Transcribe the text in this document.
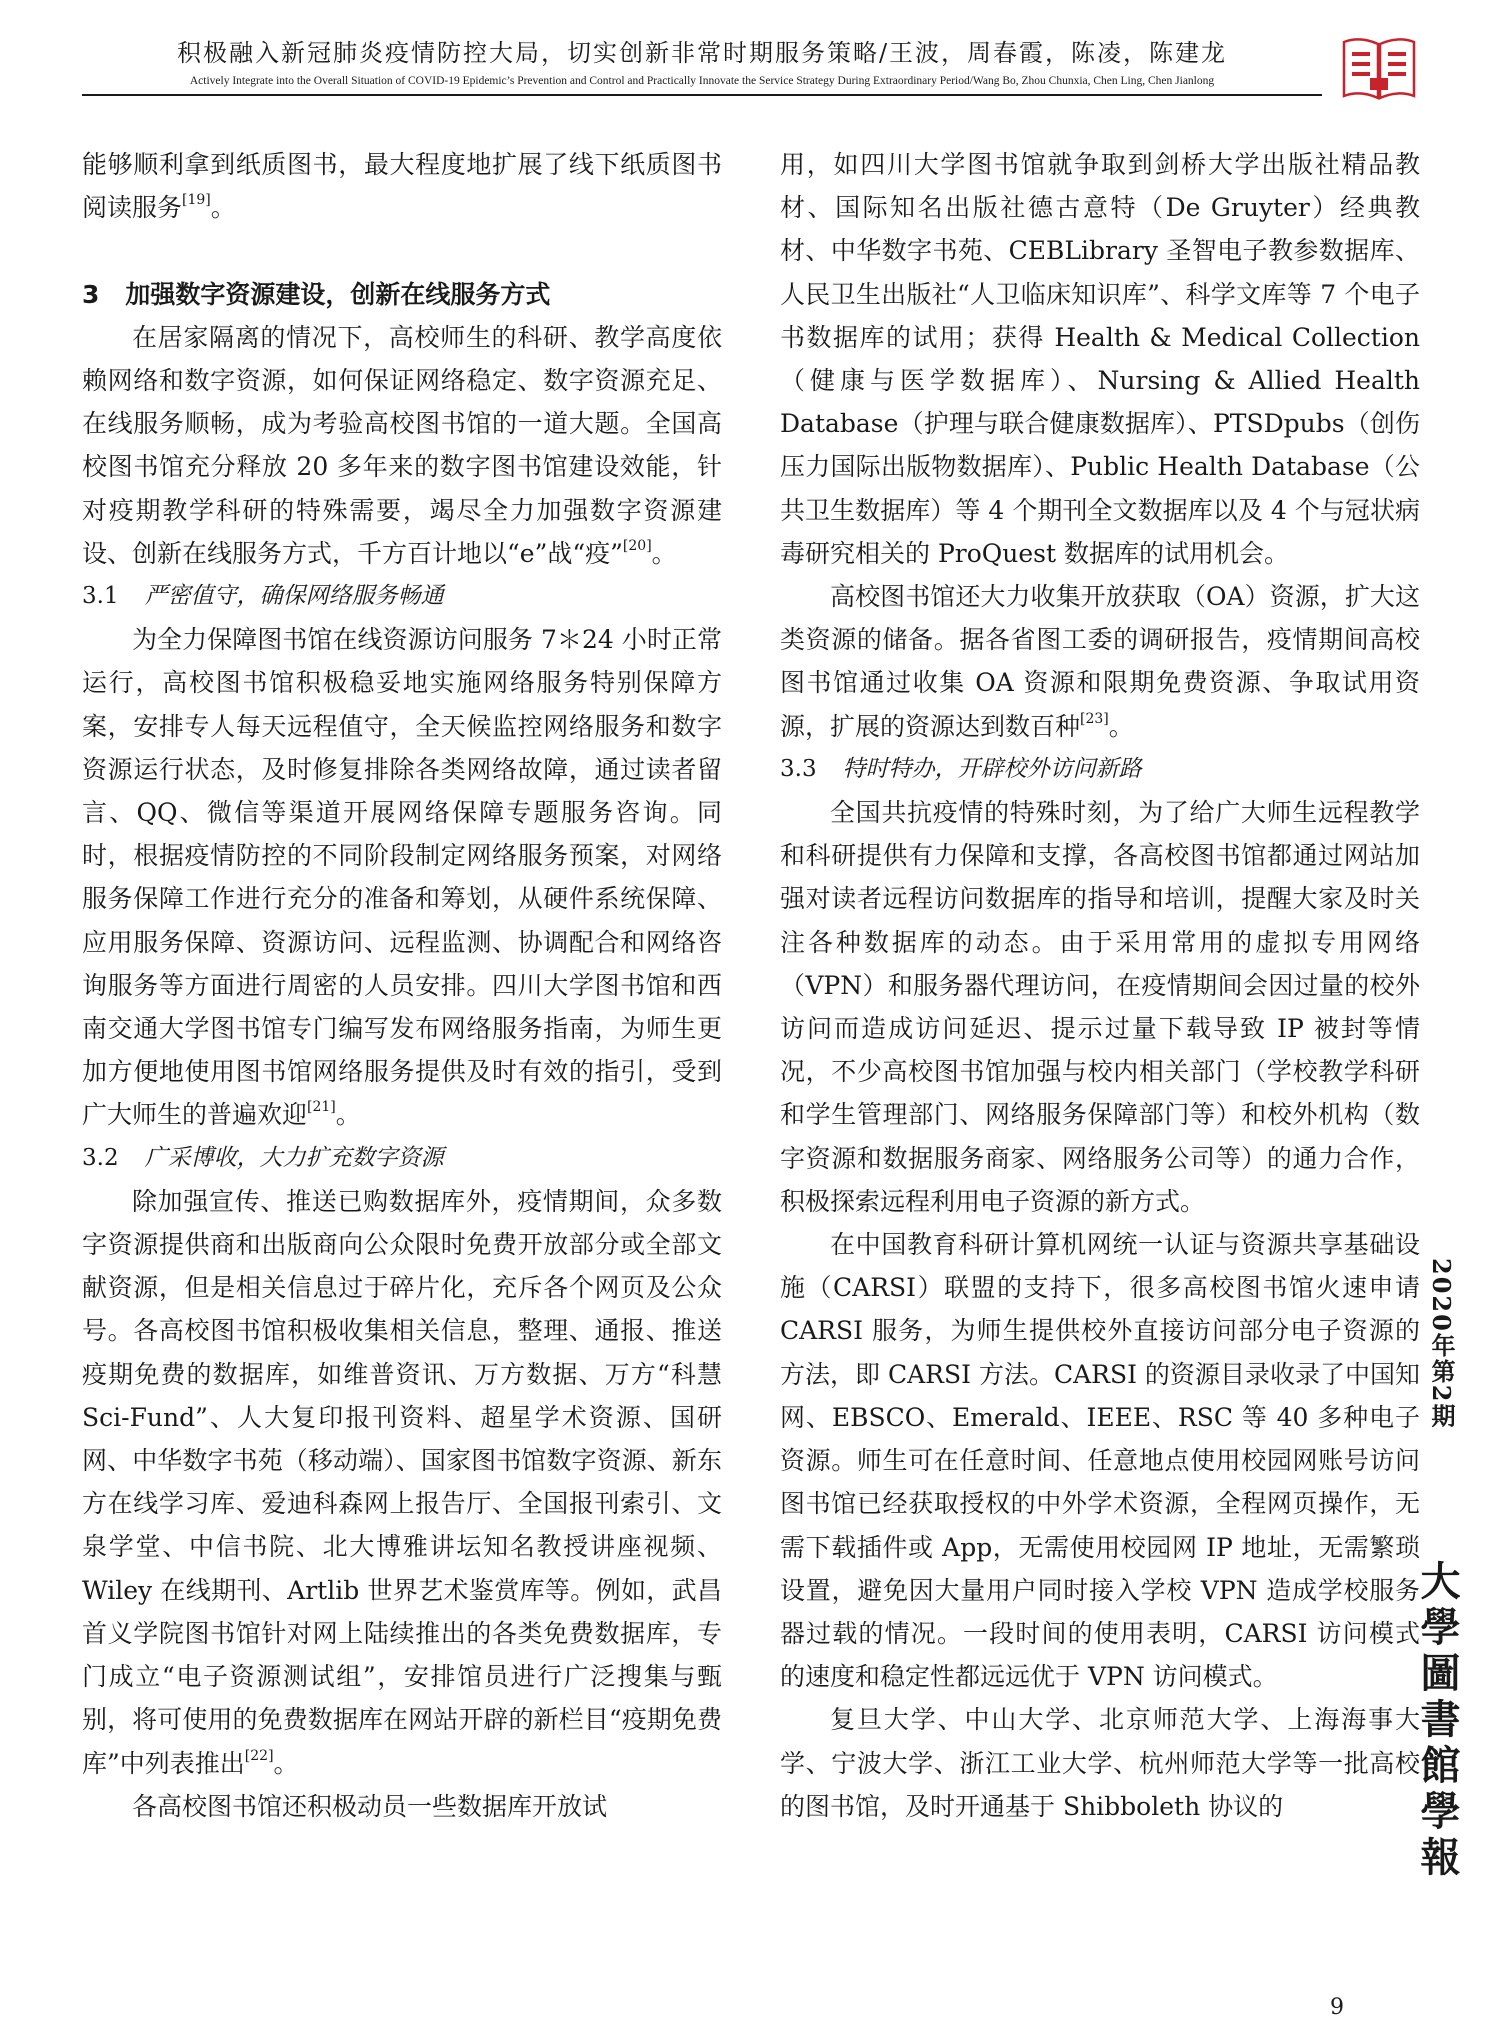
积极融入新冠肺炎疫情防控大局，切实创新非常时期服务策略/王波，周春霞，陈凌，陈建龙
Actively Integrate into the Overall Situation of COVID-19 Epidemic’s Prevention and Control and Practically Innovate the Service Strategy During Extraordinary Period/Wang Bo, Zhou Chunxia, Chen Ling, Chen Jianlong

能够顺利拿到纸质图书，最大程度地扩展了线下纸质图书阅读服务[19]。

3 加强数字资源建设，创新在线服务方式

在居家隔离的情况下，高校师生的科研、教学高度依赖网络和数字资源，如何保证网络稳定、数字资源充足、在线服务顺畅，成为考验高校图书馆的一道大题。全国高校图书馆充分释放 20 多年来的数字图书馆建设效能，针对疫期教学科研的特殊需要，竭尽全力加强数字资源建设、创新在线服务方式，千方百计地以“e”战“疫”[20]。

3.1 严密值守，确保网络服务畅通

为全力保障图书馆在线资源访问服务 7＊24 小时正常运行，高校图书馆积极稳妥地实施网络服务特别保障方案，安排专人每天远程值守，全天候监控网络服务和数字资源运行状态，及时修复排除各类网络故障，通过读者留言、QQ、微信等渠道开展网络保障专题服务咨询。同时，根据疫情防控的不同阶段制定网络服务预案，对网络服务保障工作进行充分的准备和筹划，从硬件系统保障、应用服务保障、资源访问、远程监测、协调配合和网络咨询服务等方面进行周密的人员安排。四川大学图书馆和西南交通大学图书馆专门编写发布网络服务指南，为师生更加方便地使用图书馆网络服务提供及时有效的指引，受到广大师生的普遍欢迎[21]。

3.2 广采博收，大力扩充数字资源

除加强宣传、推送已购数据库外，疫情期间，众多数字资源提供商和出版商向公众限时免费开放部分或全部文献资源，但是相关信息过于碎片化，充斥各个网页及公众号。各高校图书馆积极收集相关信息，整理、通报、推送疫期免费的数据库，如维普资讯、万方数据、万方“科慧 Sci-Fund”、人大复印报刊资料、超星学术资源、国研网、中华数字书苑（移动端）、国家图书馆数字资源、新东方在线学习库、爱迪科森网上报告厅、全国报刊索引、文泉学堂、中信书院、北大博雅讲坛知名教授讲座视频、Wiley 在线期刊、Artlib 世界艺术鉴赏库等。例如，武昌首义学院图书馆针对网上陆续推出的各类免费数据库，专门成立“电子资源测试组”，安排馆员进行广泛搜集与甄别，将可使用的免费数据库在网站开辟的新栏目“疫期免费库”中列表推出[22]。

各高校图书馆还积极动员一些数据库开放试

用，如四川大学图书馆就争取到剑桥大学出版社精品教材、国际知名出版社德古意特（De Gruyter）经典教材、中华数字书苑、CEBLibrary 圣智电子教参数据库、人民卫生出版社“人卫临床知识库”、科学文库等 7 个电子书数据库的试用；获得 Health & Medical Collection（健康与医学数据库）、Nursing & Allied Health Database（护理与联合健康数据库）、PTSDpubs（创伤压力国际出版物数据库）、Public Health Database（公共卫生数据库）等 4 个期刊全文数据库以及 4 个与冠状病毒研究相关的 ProQuest 数据库的试用机会。

高校图书馆还大力收集开放获取（OA）资源，扩大这类资源的储备。据各省图工委的调研报告，疫情期间高校图书馆通过收集 OA 资源和限期免费资源、争取试用资源，扩展的资源达到数百种[23]。

3.3 特时特办，开辟校外访问新路

全国共抗疫情的特殊时刻，为了给广大师生远程教学和科研提供有力保障和支撑，各高校图书馆都通过网站加强对读者远程访问数据库的指导和培训，提醒大家及时关注各种数据库的动态。由于采用常用的虚拟专用网络（VPN）和服务器代理访问，在疫情期间会因过量的校外访问而造成访问延迟、提示过量下载导致 IP 被封等情况，不少高校图书馆加强与校内相关部门（学校教学科研和学生管理部门、网络服务保障部门等）和校外机构（数字资源和数据服务商家、网络服务公司等）的通力合作，积极探索远程利用电子资源的新方式。

在中国教育科研计算机网统一认证与资源共享基础设施（CARSI）联盟的支持下，很多高校图书馆火速申请 CARSI 服务，为师生提供校外直接访问部分电子资源的方法，即 CARSI 方法。CARSI 的资源目录收录了中国知网、EBSCO、Emerald、IEEE、RSC 等 40 多种电子资源。师生可在任意时间、任意地点使用校园网账号访问图书馆已经获取授权的中外学术资源，全程网页操作，无需下载插件或 App，无需使用校园网 IP 地址，无需繁琐设置，避免因大量用户同时接入学校 VPN 造成学校服务器过载的情况。一段时间的使用表明，CARSI 访问模式的速度和稳定性都远远优于 VPN 访问模式。

复旦大学、中山大学、北京师范大学、上海海事大学、宁波大学、浙江工业大学、杭州师范大学等一批高校的图书馆，及时开通基于 Shibboleth 协议的

2020年第2期
大學圖書館學報
9
